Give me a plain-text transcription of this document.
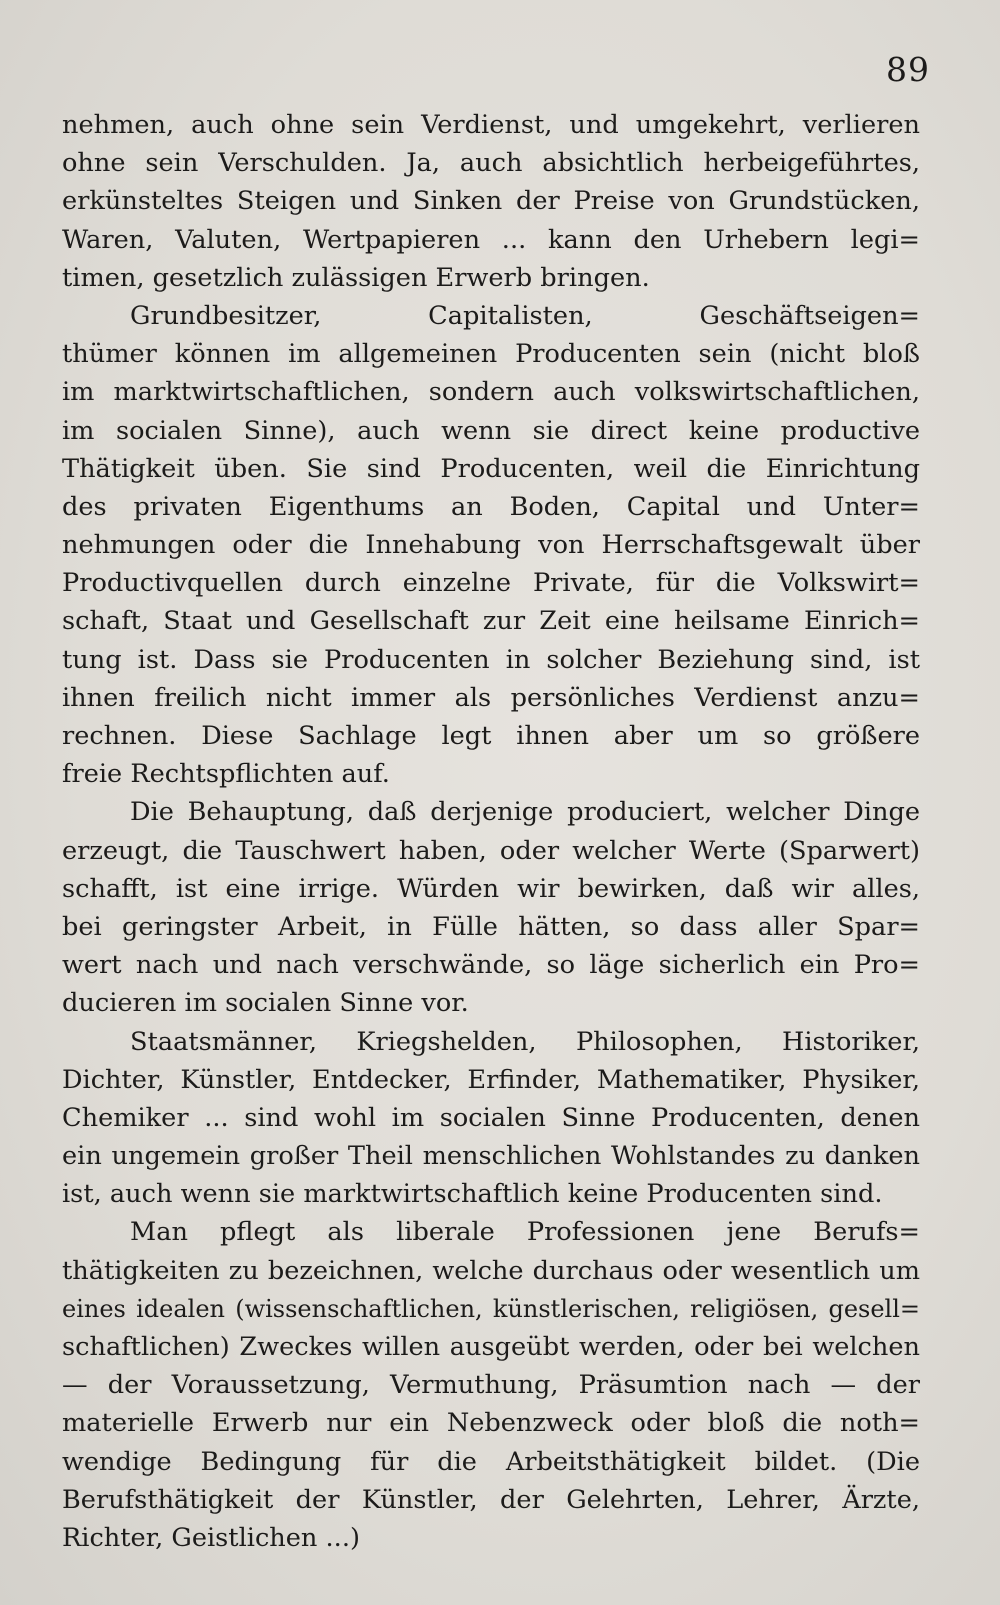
89
nehmen, auch ohne sein Verdienst, und umgekehrt, verlieren
ohne sein Verschulden. Ja, auch absichtlich herbeigeführtes,
erkünsteltes Steigen und Sinken der Preise von Grundstücken,
Waren, Valuten, Wertpapieren ... kann den Urhebern legi=
timen, gesetzlich zulässigen Erwerb bringen.
Grundbesitzer, Capitalisten, Geschäftseigen=
thümer können im allgemeinen Producenten sein (nicht bloß
im marktwirtschaftlichen, sondern auch volkswirtschaftlichen,
im socialen Sinne), auch wenn sie direct keine productive
Thätigkeit üben. Sie sind Producenten, weil die Einrichtung
des privaten Eigenthums an Boden, Capital und Unter=
nehmungen oder die Innehabung von Herrschaftsgewalt über
Productivquellen durch einzelne Private, für die Volkswirt=
schaft, Staat und Gesellschaft zur Zeit eine heilsame Einrich=
tung ist. Dass sie Producenten in solcher Beziehung sind, ist
ihnen freilich nicht immer als persönliches Verdienst anzu=
rechnen. Diese Sachlage legt ihnen aber um so größere
freie Rechtspflichten auf.
Die Behauptung, daß derjenige produciert, welcher Dinge
erzeugt, die Tauschwert haben, oder welcher Werte (Sparwert)
schafft, ist eine irrige. Würden wir bewirken, daß wir alles,
bei geringster Arbeit, in Fülle hätten, so dass aller Spar=
wert nach und nach verschwände, so läge sicherlich ein Pro=
ducieren im socialen Sinne vor.
Staatsmänner, Kriegshelden, Philosophen, Historiker,
Dichter, Künstler, Entdecker, Erfinder, Mathematiker, Physiker,
Chemiker ... sind wohl im socialen Sinne Producenten, denen
ein ungemein großer Theil menschlichen Wohlstandes zu danken
ist, auch wenn sie marktwirtschaftlich keine Producenten sind.
Man pflegt als liberale Professionen jene Berufs=
thätigkeiten zu bezeichnen, welche durchaus oder wesentlich um
eines idealen (wissenschaftlichen, künstlerischen, religiösen, gesell=
schaftlichen) Zweckes willen ausgeübt werden, oder bei welchen
— der Voraussetzung, Vermuthung, Präsumtion nach — der
materielle Erwerb nur ein Nebenzweck oder bloß die noth=
wendige Bedingung für die Arbeitsthätigkeit bildet. (Die
Berufsthätigkeit der Künstler, der Gelehrten, Lehrer, Ärzte,
Richter, Geistlichen ...)
